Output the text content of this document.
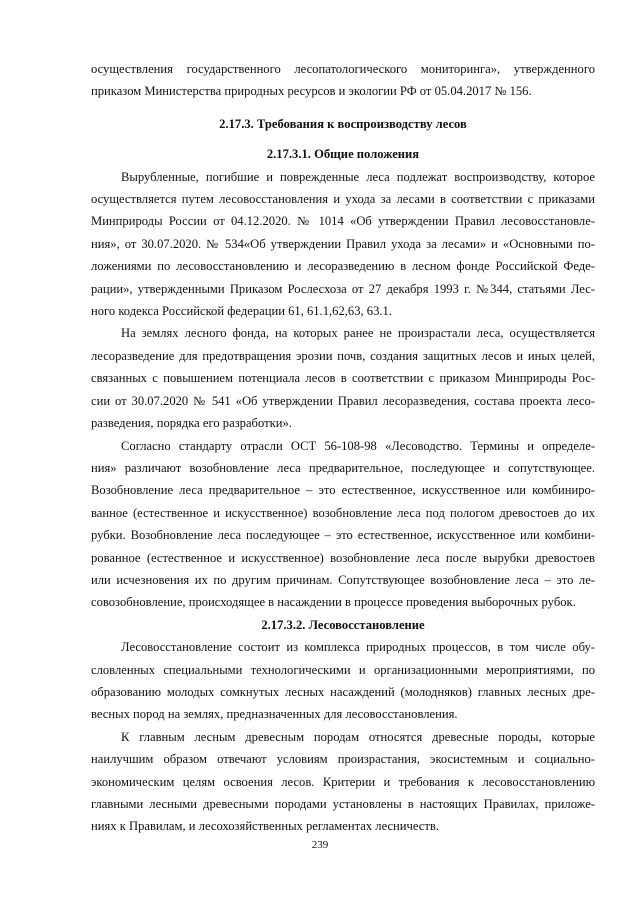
осуществления государственного лесопатологического мониторинга», утвержденного
приказом Министерства природных ресурсов и экологии РФ от 05.04.2017 № 156.
2.17.3. Требования к воспроизводству лесов
2.17.3.1. Общие положения
Вырубленные, погибшие и поврежденные леса подлежат воспроизводству, которое
осуществляется путем лесовосстановления и ухода за лесами в соответствии с приказами
Минприроды России от 04.12.2020. № 1014 «Об утверждении Правил лесовосстановле-
ния», от 30.07.2020. № 534«Об утверждении Правил ухода за лесами» и «Основными по-
ложениями по лесовосстановлению и лесоразведению в лесном фонде Российской Феде-
рации», утвержденными Приказом Рослесхоза от 27 декабря 1993 г. №344, статьями Лес-
ного кодекса Российской федерации 61, 61.1,62,63, 63.1.
На землях лесного фонда, на которых ранее не произрастали леса, осуществляется
лесоразведение для предотвращения эрозии почв, создания защитных лесов и иных целей,
связанных с повышением потенциала лесов в соответствии с приказом Минприроды Рос-
сии от 30.07.2020 № 541 «Об утверждении Правил лесоразведения, состава проекта лесо-
разведения, порядка его разработки».
Согласно стандарту отрасли ОСТ 56-108-98 «Лесоводство. Термины и определе-
ния» различают возобновление леса предварительное, последующее и сопутствующее.
Возобновление леса предварительное – это естественное, искусственное или комбиниро-
ванное (естественное и искусственное) возобновление леса под пологом древостоев до их
рубки. Возобновление леса последующее – это естественное, искусственное или комбини-
рованное (естественное и искусственное) возобновление леса после вырубки древостоев
или исчезновения их по другим причинам. Сопутствующее возобновление леса – это ле-
совозобновление, происходящее в насаждении в процессе проведения выборочных рубок.
2.17.3.2. Лесовосстановление
Лесовосстановление состоит из комплекса природных процессов, в том числе обу-
словленных специальными технологическими и организационными мероприятиями, по
образованию молодых сомкнутых лесных насаждений (молодняков) главных лесных дре-
весных пород на землях, предназначенных для лесовосстановления.
К главным лесным древесным породам относятся древесные породы, которые
наилучшим образом отвечают условиям произрастания, экосистемным и социально-
экономическим целям освоения лесов. Критерии и требования к лесовосстановлению
главными лесными древесными породами установлены в настоящих Правилах, приложе-
ниях к Правилам, и лесохозяйственных регламентах лесничеств.
239
